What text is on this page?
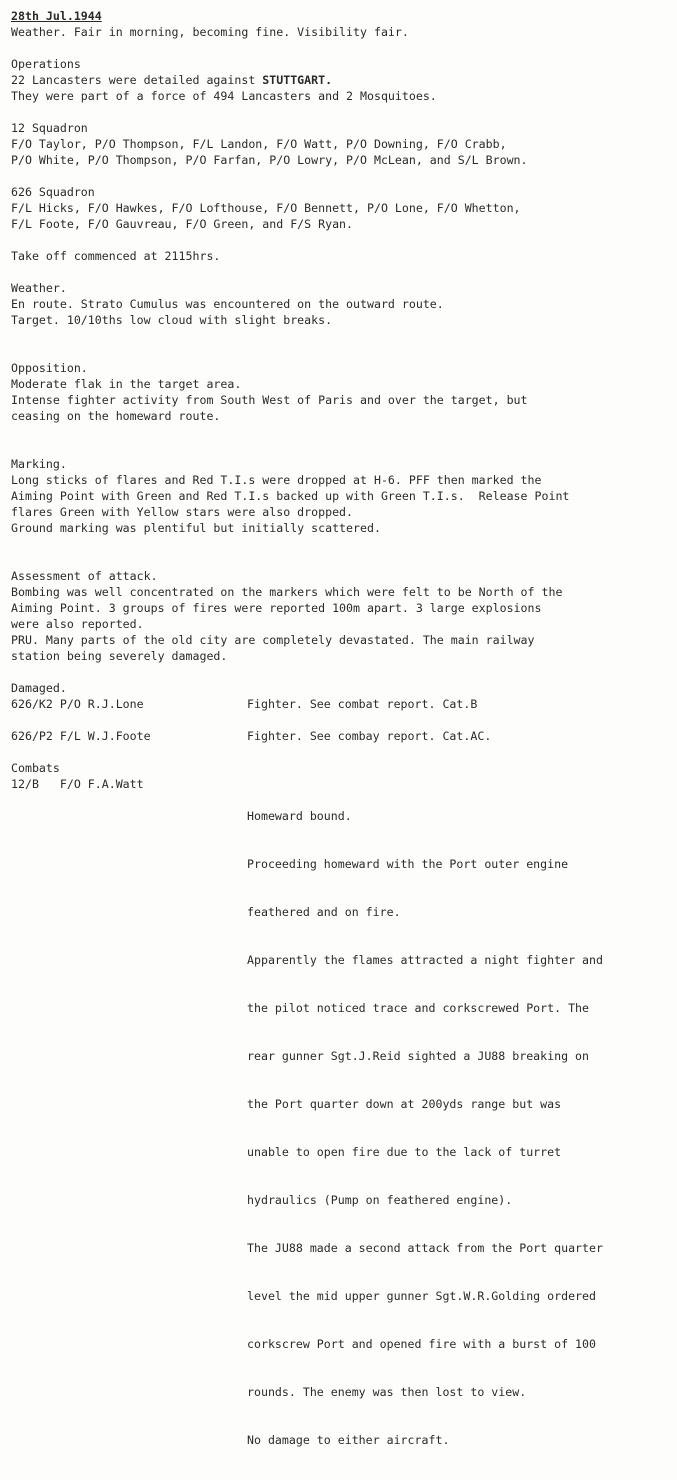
28th Jul.1944
Weather. Fair in morning, becoming fine. Visibility fair.
Operations
22 Lancasters were detailed against STUTTGART.
They were part of a force of 494 Lancasters and 2 Mosquitoes.
12 Squadron
F/O Taylor, P/O Thompson, F/L Landon, F/O Watt, P/O Downing, F/O Crabb,
P/O White, P/O Thompson, P/O Farfan, P/O Lowry, P/O McLean, and S/L Brown.
626 Squadron
F/L Hicks, F/O Hawkes, F/O Lofthouse, F/O Bennett, P/O Lone, F/O Whetton,
F/L Foote, F/O Gauvreau, F/O Green, and F/S Ryan.
Take off commenced at 2115hrs.
Weather.
En route. Strato Cumulus was encountered on the outward route.
Target. 10/10ths low cloud with slight breaks.
Opposition.
Moderate flak in the target area.
Intense fighter activity from South West of Paris and over the target, but
ceasing on the homeward route.
Marking.
Long sticks of flares and Red T.I.s were dropped at H-6. PFF then marked the
Aiming Point with Green and Red T.I.s backed up with Green T.I.s.  Release Point
flares Green with Yellow stars were also dropped.
Ground marking was plentiful but initially scattered.
Assessment of attack.
Bombing was well concentrated on the markers which were felt to be North of the
Aiming Point. 3 groups of fires were reported 100m apart. 3 large explosions
were also reported.
PRU. Many parts of the old city are completely devastated. The main railway
station being severely damaged.
Damaged.
626/K2 P/O R.J.Lone	Fighter. See combat report. Cat.B
626/P2 F/L W.J.Foote	Fighter. See combay report. Cat.AC.
Combats
12/B   F/O F.A.Watt

Homeward bound.

Proceeding homeward with the Port outer engine

feathered and on fire.

Apparently the flames attracted a night fighter and

the pilot noticed trace and corkscrewed Port. The

rear gunner Sgt.J.Reid sighted a JU88 breaking on

the Port quarter down at 200yds range but was

unable to open fire due to the lack of turret

hydraulics (Pump on feathered engine).

The JU88 made a second attack from the Port quarter

level the mid upper gunner Sgt.W.R.Golding ordered

corkscrew Port and opened fire with a burst of 100

rounds. The enemy was then lost to view.

No damage to either aircraft.
